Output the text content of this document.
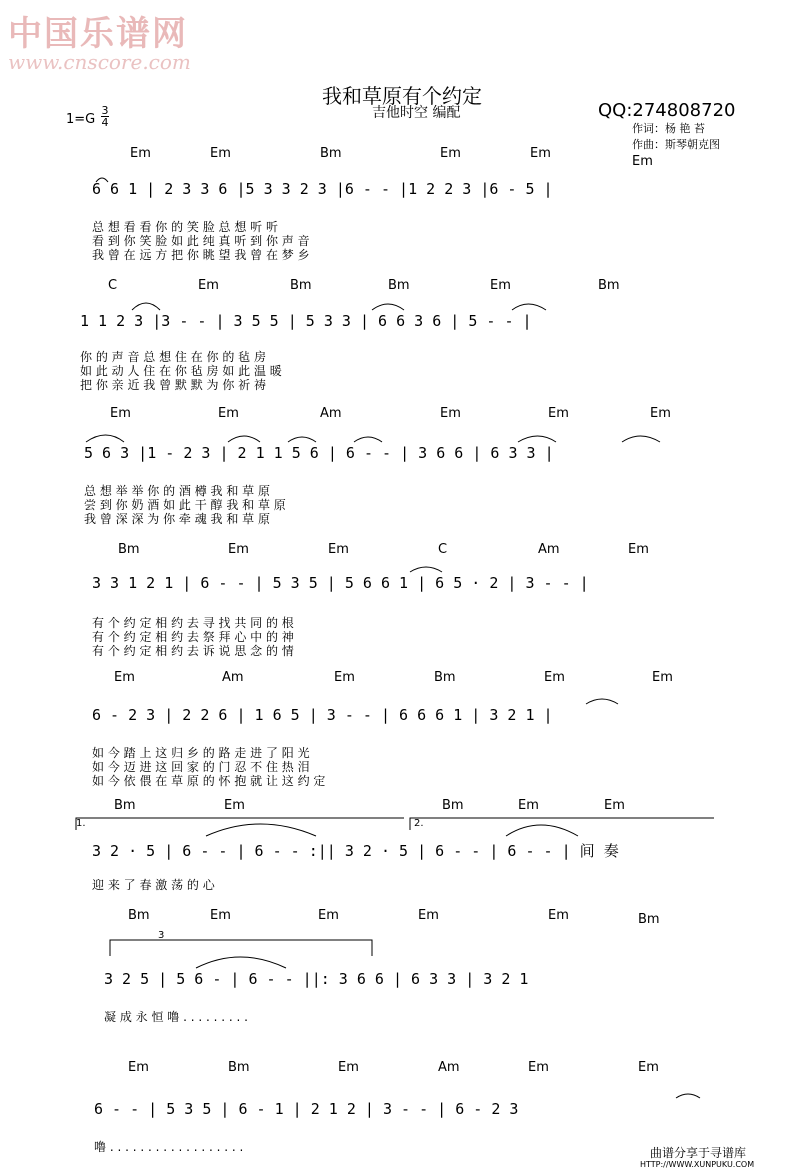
中国乐谱网
www.cnscore.com
我和草原有个约定
吉他时空 编配	QQ:274808720
作词：杨 艳 苔
作曲：斯琴朝克图
1=G
3
4
Em	Em	Bm	Em	Em
Em
6 6 1 | 2 3 3 6 |5 3 3 2 3 |6 - - |1 2 2 3 |6 - 5 |
总 想 看 看 你 的 笑 脸 总 想 听 听
看 到 你 笑 脸 如 此 纯 真 听 到 你 声 音
我 曾 在 远 方 把 你 眺 望 我 曾 在 梦 乡
C	Em	Bm	Bm	Em	Bm
1 1 2 3 |3 - - | 3 5 5 | 5 3 3 | 6 6 3 6 | 5 - - |
你 的 声 音 总 想 住 在 你 的 毡 房
如 此 动 人 住 在 你 毡 房 如 此 温 暖
把 你 亲 近 我 曾 默 默 为 你 祈 祷
Em	Em	Am	Em	Em	Em
5 6 3 |1 - 2 3 | 2 1 1 5 6 | 6 - - | 3 6 6 | 6 3 3 |
总 想 举 举 你 的 酒 樽 我 和 草 原
尝 到 你 奶 酒 如 此 干 醇 我 和 草 原
我 曾 深 深 为 你 牵 魂 我 和 草 原
Bm	Em	Em	C	Am	Em
3 3 1 2 1 | 6 - - | 5 3 5 | 5 6 6 1 | 6 5 · 2 | 3 - - |
有 个 约 定 相 约 去 寻 找 共 同 的 根
有 个 约 定 相 约 去 祭 拜 心 中 的 神
有 个 约 定 相 约 去 诉 说 思 念 的 情
Em	Am	Em	Bm	Em	Em
6 - 2 3 | 2 2 6 | 1 6 5 | 3 - - | 6 6 6 1 | 3 2 1 |
如 今 踏 上 这 归 乡 的 路 走 进 了 阳 光
如 今 迈 进 这 回 家 的 门 忍 不 住 热 泪
如 今 依 偎 在 草 原 的 怀 抱 就 让 这 约 定
Bm	Em	Bm	Em	Em
1.	2.
3 2 · 5 | 6 - - | 6 - - :|| 3 2 · 5 | 6 - - | 6 - - | 间 奏
迎 来 了 春 激 荡 的 心
Bm	Em	Em	Em	Em	Bm
3
3 2 5 | 5 6 - | 6 - - ||: 3 6 6 | 6 3 3 | 3 2 1
凝 成 永 恒 噜 . . . . . . . . .
Em	Bm	Em	Am	Em	Em
6 - - | 5 3 5 | 6 - 1 | 2 1 2 | 3 - - | 6 - 2 3
噜 . . . . . . . . . . . . . . . . . .	曲谱分享于寻谱库
HTTP://WWW.XUNPUKU.COM
